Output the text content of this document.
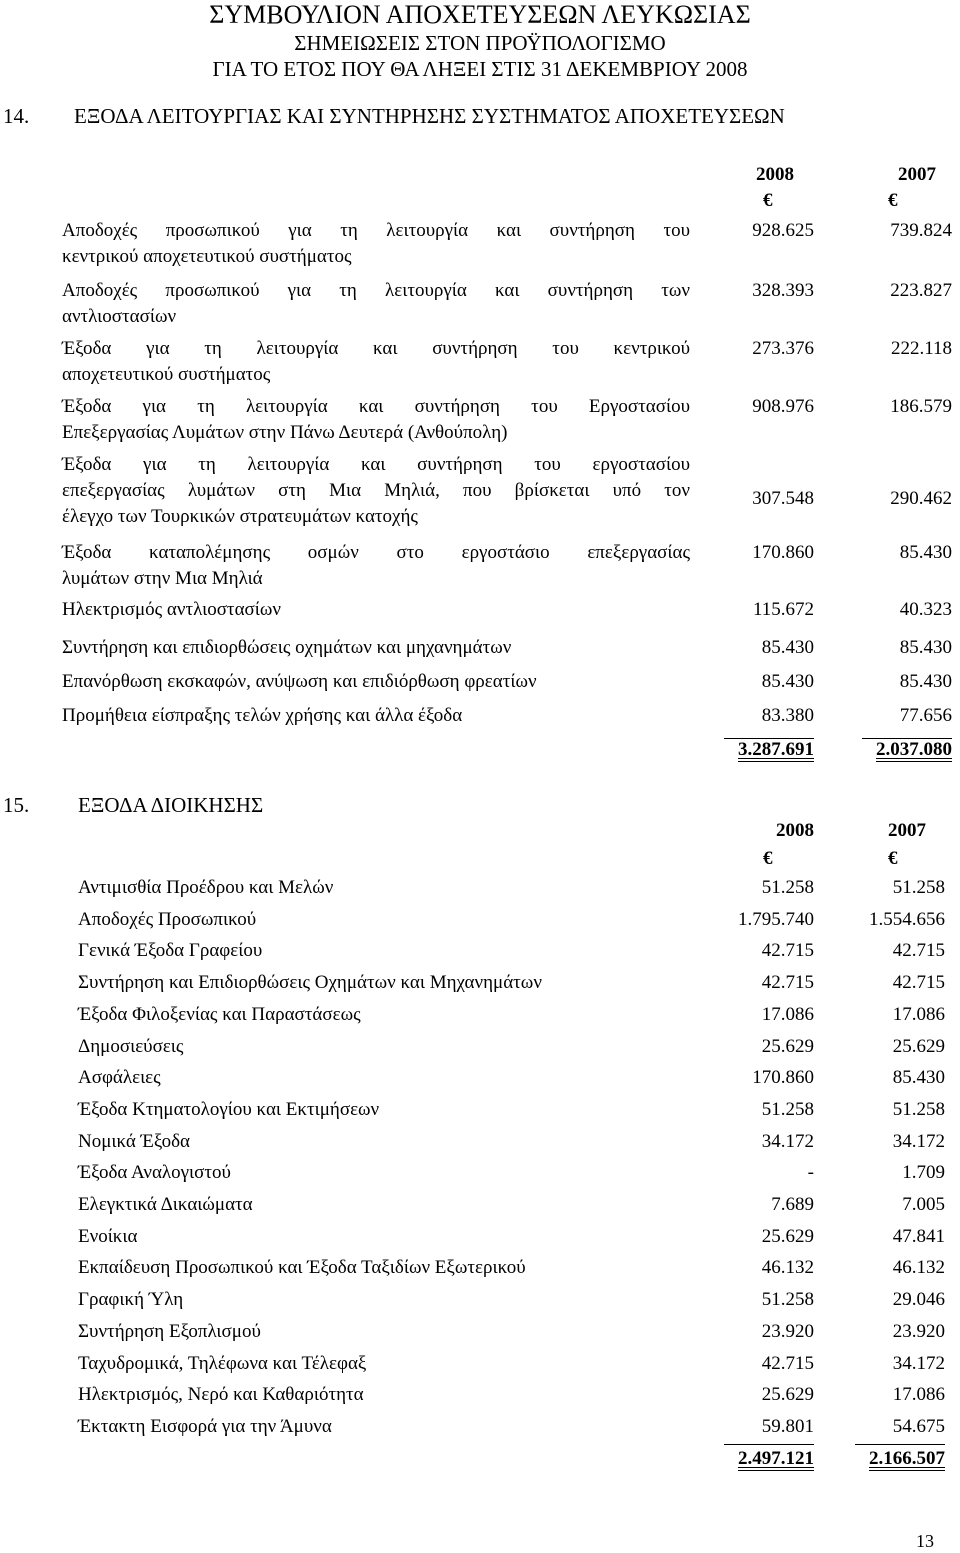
ΣΥΜΒΟΥΛΙΟΝ ΑΠΟΧΕΤΕΥΣΕΩΝ ΛΕΥΚΩΣΙΑΣ
ΣΗΜΕΙΩΣΕΙΣ ΣΤΟΝ ΠΡΟΫΠΟΛΟΓΙΣΜΟ
ΓΙΑ ΤΟ ΕΤΟΣ ΠΟΥ ΘΑ ΛΗΞΕΙ ΣΤΙΣ 31 ΔΕΚΕΜΒΡΙΟΥ 2008
14. ΕΞΟΔΑ ΛΕΙΤΟΥΡΓΙΑΣ ΚΑΙ ΣΥΝΤΗΡΗΣΗΣ ΣΥΣΤΗΜΑΤΟΣ ΑΠΟΧΕΤΕΥΣΕΩΝ
2008	2007
€	€
Αποδοχές προσωπικού για τη λειτουργία και συντήρηση του
κεντρικού αποχετευτικού συστήματος
928.625	739.824
Αποδοχές προσωπικού για τη λειτουργία και συντήρηση των
αντλιοστασίων
328.393	223.827
Έξοδα για τη λειτουργία και συντήρηση του κεντρικού
αποχετευτικού συστήματος
273.376	222.118
Έξοδα για τη λειτουργία και συντήρηση του Εργοστασίου
Επεξεργασίας Λυμάτων στην Πάνω Δευτερά (Ανθούπολη)
908.976	186.579
Έξοδα για τη λειτουργία και συντήρηση του εργοστασίου
επεξεργασίας λυμάτων στη Μια Μηλιά, που βρίσκεται υπό τον
έλεγχο των Τουρκικών στρατευμάτων κατοχής
307.548	290.462
Έξοδα καταπολέμησης οσμών στο εργοστάσιο επεξεργασίας
λυμάτων στην Μια Μηλιά
170.860	85.430
Ηλεκτρισμός αντλιοστασίων	115.672	40.323
Συντήρηση και επιδιορθώσεις οχημάτων και μηχανημάτων	85.430	85.430
Επανόρθωση εκσκαφών, ανύψωση και επιδιόρθωση φρεατίων	85.430	85.430
Προμήθεια είσπραξης τελών χρήσης και άλλα έξοδα	83.380	77.656
3.287.691	2.037.080
15. ΕΞΟΔΑ ΔΙΟΙΚΗΣΗΣ
2008	2007
€	€
Αντιμισθία Προέδρου και Μελών	51.258	51.258
Αποδοχές Προσωπικού	1.795.740	1.554.656
Γενικά Έξοδα Γραφείου	42.715	42.715
Συντήρηση και Επιδιορθώσεις Οχημάτων και Μηχανημάτων	42.715	42.715
Έξοδα Φιλοξενίας και Παραστάσεως	17.086	17.086
Δημοσιεύσεις	25.629	25.629
Ασφάλειες	170.860	85.430
Έξοδα Κτηματολογίου και Εκτιμήσεων	51.258	51.258
Νομικά Έξοδα	34.172	34.172
Έξοδα Αναλογιστού	-	1.709
Ελεγκτικά Δικαιώματα	7.689	7.005
Ενοίκια	25.629	47.841
Εκπαίδευση Προσωπικού και Έξοδα Ταξιδίων Εξωτερικού	46.132	46.132
Γραφική Ύλη	51.258	29.046
Συντήρηση Εξοπλισμού	23.920	23.920
Ταχυδρομικά, Τηλέφωνα και Τέλεφαξ	42.715	34.172
Ηλεκτρισμός, Νερό και Καθαριότητα	25.629	17.086
Έκτακτη Εισφορά για την Άμυνα	59.801	54.675
2.497.121	2.166.507
13
